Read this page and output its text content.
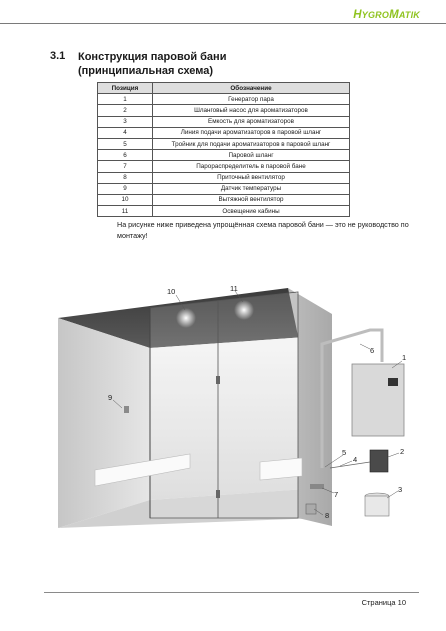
HYGROMATIK
3.1 Конструкция паровой бани
(принципиальная схема)
Позиция	Обозначение
1	Генератор пара
2	Шланговый насос для ароматизаторов
3	Емкость для ароматизаторов
4	Линия подачи ароматизаторов в паровой шланг
5	Тройник для подачи ароматизаторов в паровой шланг
6	Паровой шланг
7	Парораспределитель в паровой бане
8	Приточный вентилятор
9	Датчик температуры
10	Вытяжной вентилятор
11	Освещение кабины
На рисунке ниже приведена упрощённая схема паровой бани — это не руководство по монтажу!
1
2
3
4
5
6
7
8
9
10	11
Страница 10
